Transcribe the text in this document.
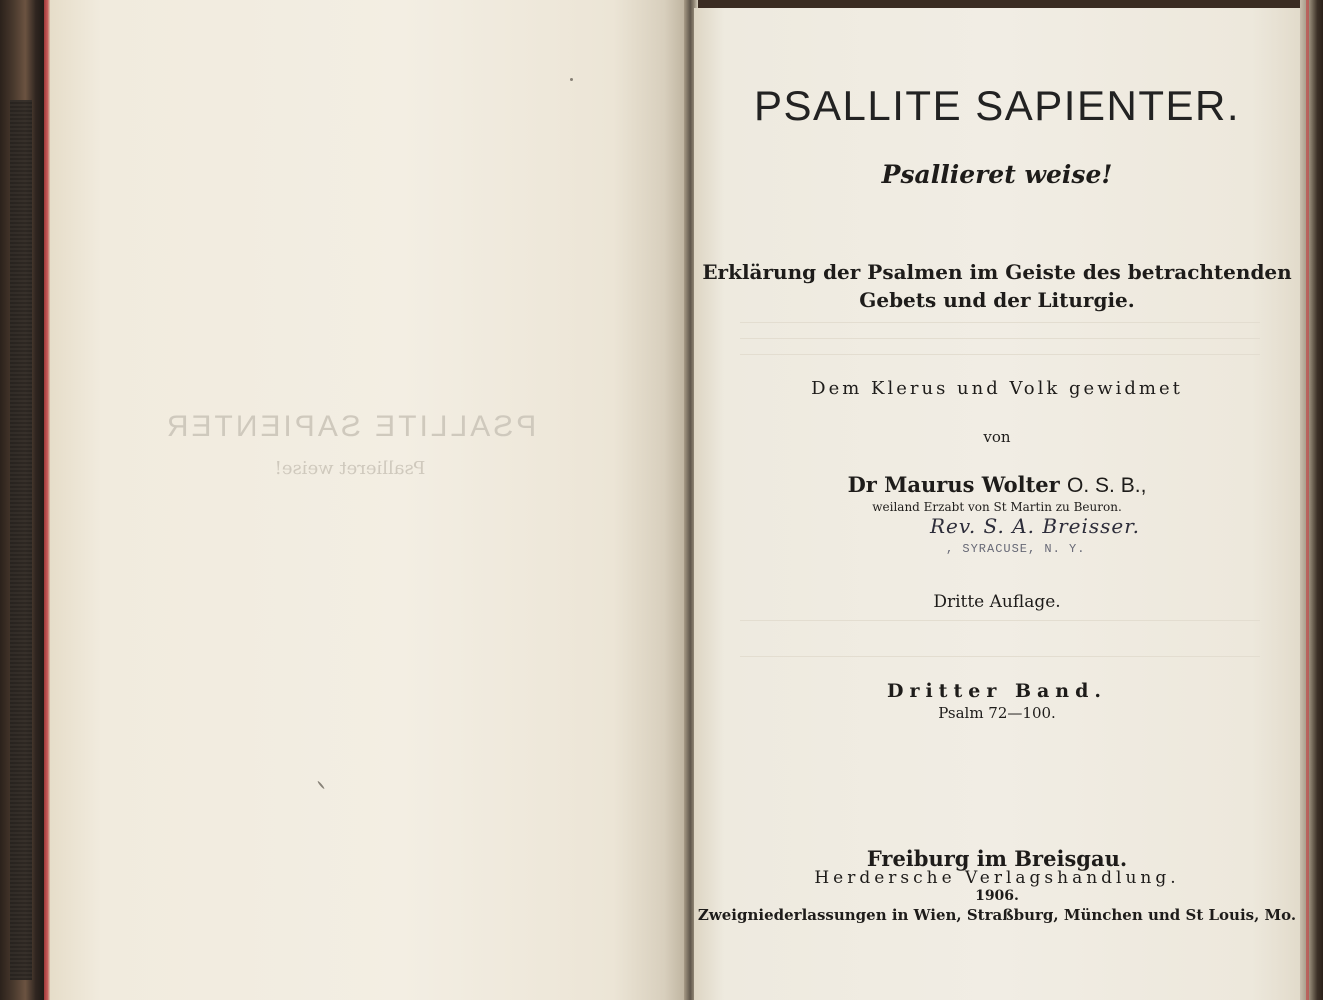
PSALLITE SAPIENTER
Psallieret weise!
PSALLITE SAPIENTER.
Psallieret weise!
Erklärung der Psalmen im Geiste des betrachtenden
Gebets und der Liturgie.
Dem Klerus und Volk gewidmet
von
Dr Maurus Wolter O. S. B.,
weiland Erzabt von St Martin zu Beuron.
Rev. S. A. Breisser.
, SYRACUSE, N. Y.
Dritte Auflage.
Dritter Band.
Psalm 72—100.
Freiburg im Breisgau.
Herdersche Verlagshandlung.
1906.
Zweigniederlassungen in Wien, Straßburg, München und St Louis, Mo.
